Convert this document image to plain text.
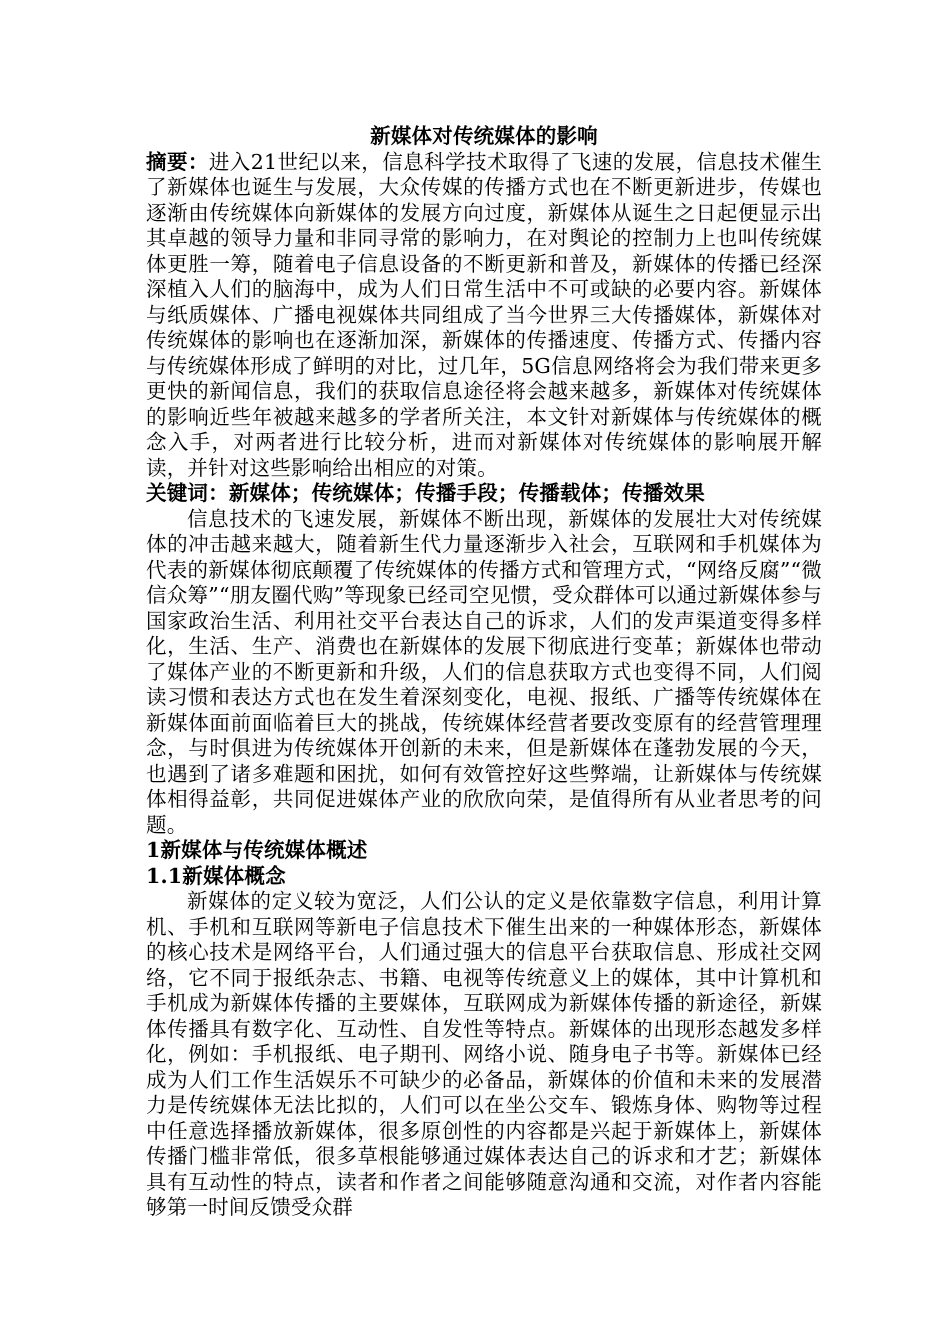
新媒体对传统媒体的影响

摘要：进入21世纪以来，信息科学技术取得了飞速的发展，信息技术催生了新媒体也诞生与发展，大众传媒的传播方式也在不断更新进步，传媒也逐渐由传统媒体向新媒体的发展方向过度，新媒体从诞生之日起便显示出其卓越的领导力量和非同寻常的影响力，在对舆论的控制力上也叫传统媒体更胜一筹，随着电子信息设备的不断更新和普及，新媒体的传播已经深深植入人们的脑海中，成为人们日常生活中不可或缺的必要内容。新媒体与纸质媒体、广播电视媒体共同组成了当今世界三大传播媒体，新媒体对传统媒体的影响也在逐渐加深，新媒体的传播速度、传播方式、传播内容与传统媒体形成了鲜明的对比，过几年，5G信息网络将会为我们带来更多更快的新闻信息，我们的获取信息途径将会越来越多，新媒体对传统媒体的影响近些年被越来越多的学者所关注，本文针对新媒体与传统媒体的概念入手，对两者进行比较分析，进而对新媒体对传统媒体的影响展开解读，并针对这些影响给出相应的对策。

关键词：新媒体；传统媒体；传播手段；传播载体；传播效果

信息技术的飞速发展，新媒体不断出现，新媒体的发展壮大对传统媒体的冲击越来越大，随着新生代力量逐渐步入社会，互联网和手机媒体为代表的新媒体彻底颠覆了传统媒体的传播方式和管理方式，“网络反腐”“微信众筹”“朋友圈代购”等现象已经司空见惯，受众群体可以通过新媒体参与国家政治生活、利用社交平台表达自己的诉求，人们的发声渠道变得多样化，生活、生产、消费也在新媒体的发展下彻底进行变革；新媒体也带动了媒体产业的不断更新和升级，人们的信息获取方式也变得不同，人们阅读习惯和表达方式也在发生着深刻变化，电视、报纸、广播等传统媒体在新媒体面前面临着巨大的挑战，传统媒体经营者要改变原有的经营管理理念，与时俱进为传统媒体开创新的未来，但是新媒体在蓬勃发展的今天，也遇到了诸多难题和困扰，如何有效管控好这些弊端，让新媒体与传统媒体相得益彰，共同促进媒体产业的欣欣向荣，是值得所有从业者思考的问题。

1新媒体与传统媒体概述

1.1新媒体概念

新媒体的定义较为宽泛，人们公认的定义是依靠数字信息，利用计算机、手机和互联网等新电子信息技术下催生出来的一种媒体形态，新媒体的核心技术是网络平台，人们通过强大的信息平台获取信息、形成社交网络，它不同于报纸杂志、书籍、电视等传统意义上的媒体，其中计算机和手机成为新媒体传播的主要媒体，互联网成为新媒体传播的新途径，新媒体传播具有数字化、互动性、自发性等特点。新媒体的出现形态越发多样化，例如：手机报纸、电子期刊、网络小说、随身电子书等。新媒体已经成为人们工作生活娱乐不可缺少的必备品，新媒体的价值和未来的发展潜力是传统媒体无法比拟的，人们可以在坐公交车、锻炼身体、购物等过程中任意选择播放新媒体，很多原创性的内容都是兴起于新媒体上，新媒体传播门槛非常低，很多草根能够通过媒体表达自己的诉求和才艺；新媒体具有互动性的特点，读者和作者之间能够随意沟通和交流，对作者内容能够第一时间反馈受众群
